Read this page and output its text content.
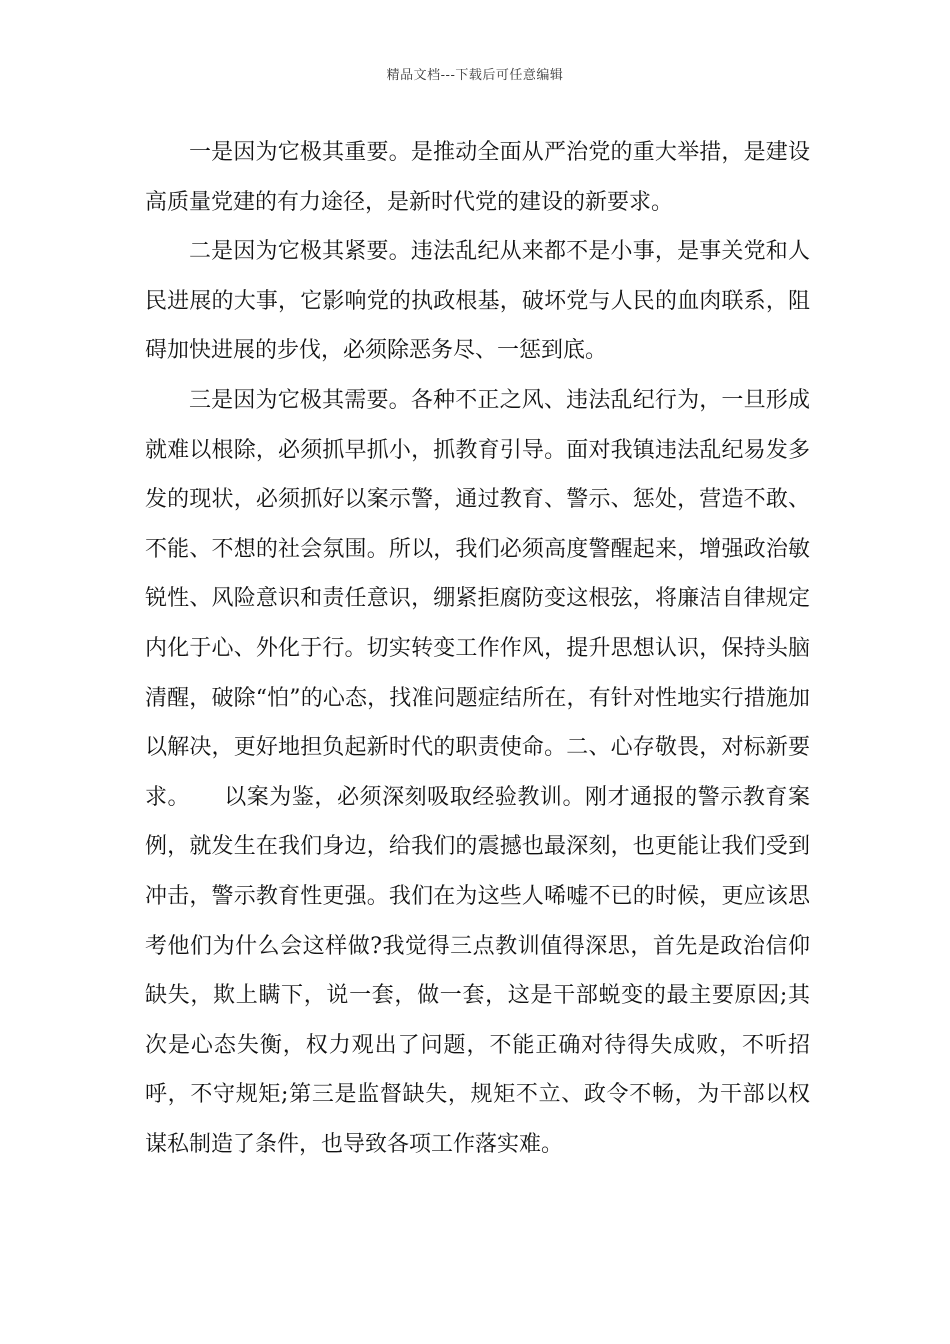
精品文档---下载后可任意编辑

一是因为它极其重要。是推动全面从严治党的重大举措，是建设高质量党建的有力途径，是新时代党的建设的新要求。

二是因为它极其紧要。违法乱纪从来都不是小事，是事关党和人民进展的大事，它影响党的执政根基，破坏党与人民的血肉联系，阻碍加快进展的步伐，必须除恶务尽、一惩到底。

三是因为它极其需要。各种不正之风、违法乱纪行为，一旦形成就难以根除，必须抓早抓小，抓教育引导。面对我镇违法乱纪易发多发的现状，必须抓好以案示警，通过教育、警示、惩处，营造不敢、不能、不想的社会氛围。所以，我们必须高度警醒起来，增强政治敏锐性、风险意识和责任意识，绷紧拒腐防变这根弦，将廉洁自律规定内化于心、外化于行。切实转变工作作风，提升思想认识，保持头脑清醒，破除“怕”的心态，找准问题症结所在，有针对性地实行措施加以解决，更好地担负起新时代的职责使命。二、心存敬畏，对标新要求。　　以案为鉴，必须深刻吸取经验教训。刚才通报的警示教育案例，就发生在我们身边，给我们的震撼也最深刻，也更能让我们受到冲击，警示教育性更强。我们在为这些人唏嘘不已的时候，更应该思考他们为什么会这样做?我觉得三点教训值得深思，首先是政治信仰缺失，欺上瞒下，说一套，做一套，这是干部蜕变的最主要原因;其次是心态失衡，权力观出了问题，不能正确对待得失成败，不听招呼，不守规矩;第三是监督缺失，规矩不立、政令不畅，为干部以权谋私制造了条件，也导致各项工作落实难。
